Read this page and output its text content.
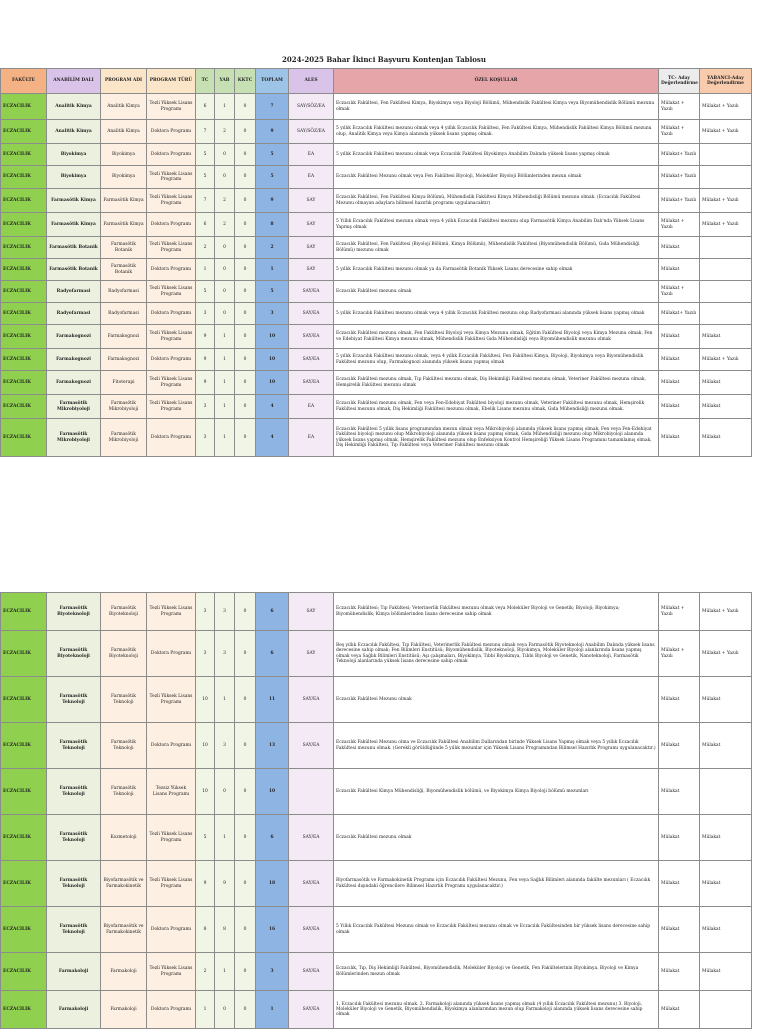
2024-2025 Bahar İkinci Başvuru Kontenjan Tablosu
FAKÜLTE	ANABİLİM DALI	PROGRAM ADI	PROGRAM TÜRÜ	TC	YAB	KKTC	TOPLAM	ALES	ÖZEL KOŞULLAR	TC- Aday Değerlendirme	YABANCI-Aday Değerlendirme
ECZACILIK	Analitik Kimya	Analitik Kimya	Tezli Yüksek Lisans Programı	6	1	0	7	SAY/SÖZ/EA	Eczacılık Fakültesi, Fen Fakültesi Kimya, Biyokimya veya Biyoloji Bölümü, Mühendislik Fakültesi Kimya veya Biyomühendislik Bölümü mezunu olmak	Mülakat + Yazılı	Mülakat + Yazılı
ECZACILIK	Analitik Kimya	Analitik Kimya	Doktora Programı	7	2	0	9	SAY/SÖZ/EA	5 yıllık Eczacılık Fakültesi mezunu olmak veya 4 yıllık Eczacılık Fakültesi, Fen Fakültesi Kimya, Mühendislik Fakültesi Kimya Bölümü mezunu olup, Analitik Kimya veya Kimya alanında yüksek lisans yapmış olmak.	Mülakat + Yazılı	Mülakat + Yazılı
ECZACILIK	Biyokimya	Biyokimya	Doktora Programı	5	0	0	5	EA	5 yıllık Eczacılık Fakültesi mezunu olmak veya Eczacılık Fakültesi Biyokimya Anabilim Dalında yüksek lisans yapmış olmak	Mülakat+ Yazılı	
ECZACILIK	Biyokimya	Biyokimya	Tezli Yüksek Lisans Programı	5	0	0	5	EA	Eczacılık Fakültesi Mezunu olmak veya Fen Fakültesi Biyoloji, Moleküler Biyoloji Bölümlerinden mezun olmak	Mülakat+ Yazılı	
ECZACILIK	Farmasötik Kimya	Farmasötik Kimya	Tezli Yüksek Lisans Programı	7	2	0	9	SAY	Eczacılık Fakültesi, Fen Fakültesi Kimya Bölümü, Mühendislik Fakültesi Kimya Mühendisliği Bölümü mezunu olmak. (Eczacılık Fakültesi Mezunu olmayan adaylara bilimsel hazırlık programı uygulanacaktır)	Mülakat+ Yazılı	Mülakat + Yazılı
ECZACILIK	Farmasötik Kimya	Farmasötik Kimya	Doktora Programı	6	2	0	8	SAY	5 Yıllık Eczacılık Fakültesi mezunu olmak veya 4 yıllık Eczacılık Fakültesi mezunu olup Farmasötik Kimya Anabilim Dalı'nda Yüksek Lisans Yapmış olmak	Mülakat + Yazılı	Mülakat + Yazılı
ECZACILIK	Farmasötik Botanik	Farmasötik Botanik	Tezli Yüksek Lisans Programı	2	0	0	2	SAY	Eczacılık Fakültesi, Fen Fakültesi (Biyoloji Bölümü, Kimya Bölümü), Mühendislik Fakültesi (Biyomühendislik Bölümü, Gıda Mühendisliği Bölümü) mezunu olmak	Mülakat	
ECZACILIK	Farmasötik Botanik	Farmasötik Botanik	Doktora Programı	1	0	0	1	SAY	5 yıllık Eczacılık Fakültesi mezunu olmak ya da Farmasötik Botanik Yüksek Lisans derecesine sahip olmak	Mülakat	
ECZACILIK	Radyofarmasi	Radyofarmasi	Tezli Yüksek Lisans Programı	5	0	0	5	SAY/EA	Eczacılık Fakültesi mezunu olmak	Mülakat + Yazılı	
ECZACILIK	Radyofarmasi	Radyofarmasi	Doktora Programı	3	0	0	3	SAY/EA	5 yıllık Eczacılık Fakültesi mezunu olmak veya 4 yıllık Eczacılık Fakültesi mezunu olup Radyofarmasi alanında yüksek lisans yapmış olmak	Mülakat+ Yazılı	
ECZACILIK	Farmakognozi	Farmakognozi	Tezli Yüksek Lisans Programı	9	1	0	10	SAY/EA	Eczacılık Fakültesi mezunu olmak, Fen Fakültesi Biyoloji veya Kimya Mezunu olmak, Eğitim Fakültesi Biyoloji veya Kimya Mezunu olmak, Fen ve Edebiyat Fakültesi Kimya mezunu olmak, Mühendislik Fakültesi Gıda Mühendisliği veya Biyomühendislik mezunu olmak	Mülakat	Mülakat
ECZACILIK	Farmakognozi	Farmakognozi	Doktora Programı	9	1	0	10	SAY/EA	5 yıllık Eczacılık Fakültesi mezunu olmak, veya 4 yıllık Eczacılık Fakültesi, Fen Fakültesi Kimya, Biyoloji, Biyokimya veya Biyomühendislik Fakültesi mezunu olup, Farmakognozi alanında yüksek lisans yapmış olmak	Mülakat	Mülakat + Yazılı
ECZACILIK	Farmakognozi	Fitoterapi	Tezli Yüksek Lisans Programı	9	1	0	10	SAY/EA	Eczacılık Fakültesi mezunu olmak, Tıp Fakültesi mezunu olmak, Diş Hekimliği Fakültesi mezunu olmak, Veteriner Fakültesi mezunu olmak, Hemşirelik Fakültesi mezunu olmak	Mülakat	Mülakat
ECZACILIK	Farmasötik Mikrobiyoloji	Farmasötik Mikrobiyoloji	Tezli Yüksek Lisans Programı	3	1	0	4	EA	Eczacılık Fakültesi mezunu olmak, Fen veya Fen-Edebiyat Fakültesi biyoloji mezunu olmak, Veteriner Fakültesi mezunu olmak, Hemşirelik Fakültesi mezunu olmak, Diş Hekimliği Fakültesi mezunu olmak, Ebelik Lisans mezunu olmak, Gıda Mühendisliği mezunu olmak.	Mülakat	Mülakat
ECZACILIK	Farmasötik Mikrobiyoloji	Farmasötik Mikrobiyoloji	Doktora Programı	3	1	0	4	EA	Eczacılık Fakültesi 5 yıllık lisans programından mezun olmak veya Mikrobiyoloji alanında yüksek lisans yapmış olmak, Fen veya Fen-Edebiyat Fakültesi biyoloji mezunu olup Mikrobiyoloji alanında yüksek lisans yapmış olmak, Gıda Mühendisliği mezunu olup Mikrobiyoloji alanında yüksek lisans yapmış olmak, Hemşirelik Fakültesi mezunu olup Enfeksiyon Kontrol Hemşireliği Yüksek Lisans Programını tamamlamış olmak, Diş Hekimliği Fakültesi, Tıp Fakültesi veya Veteriner Fakültesi mezunu olmak	Mülakat	Mülakat
ECZACILIK	Farmasötik Biyoteknoloji	Farmasötik Biyoteknoloji	Tezli Yüksek Lisans Programı	3	3	0	6	SAY	Eczacılık Fakültesi; Tıp Fakültesi; Veterinerlik Fakültesi mezunu olmak veya Moleküler Biyoloji ve Genetik; Biyoloji; Biyokimya; Biyomühendislik; Kimya bölümlerinden lisans derecesine sahip olmak	Mülakat + Yazılı	Mülakat + Yazılı
ECZACILIK	Farmasötik Biyoteknoloji	Farmasötik Biyoteknoloji	Doktora Programı	3	3	0	6	SAY	Beş yıllık Eczacılık Fakültesi, Tıp Fakültesi, Veterinerlik Fakültesi mezunu olmak veya Farmasötik Biyoteknoloji Anabilim Dalında yüksek lisans derecesine sahip olmak; Fen Bilimleri Enstitüsü; Biyomühendislik, Biyoteknoloji, Biyokimya, Moleküler Biyoloji alanlarında lisans yapmış olmak veya Sağlık Bilimleri Enstitüsü; Aşı çalışmaları, Biyokimya, Tıbbi Biyokimya, Tıbbi Biyoloji ve Genetik, Nanoteknoloji, Farmasötik Teknoloji alanlarında yüksek lisans derecesine sahip olmak	Mülakat + Yazılı	Mülakat + Yazılı
ECZACILIK	Farmasötik Teknoloji	Farmasötik Teknoloji	Tezli Yüksek Lisans Programı	10	1	0	11	SAY/EA	Eczacılık Fakültesi Mezunu olmak	Mülakat	Mülakat
ECZACILIK	Farmasötik Teknoloji	Farmasötik Teknoloji	Doktora Programı	10	3	0	13	SAY/EA	Eczacılık Fakültesi Mezunu olma ve Eczacılık Fakültesi Anabilim Dallarından birinde Yüksek Lisans Yapmış olmak veya 5 yıllık Eczacılık Fakültesi mezunu olmak. (Gerekli görüldüğünde 5 yıllık mezunlar için Yüksek Lisans Programından Bilimsel Hazırlık Programı uygulanacaktır.)	Mülakat	Mülakat
ECZACILIK	Farmasötik Teknoloji	Farmasötik Teknoloji	Tezsiz Yüksek Lisans Programı	10	0	0	10		Eczacılık Fakültesi Kimya Mühendisliği, Biyomühendislik bölümü, ve Biyokimya Kimya Biyoloji bölümü mezunları	Mülakat	
ECZACILIK	Farmasötik Teknoloji	Kozmetoloji	Tezli Yüksek Lisans Programı	5	1	0	6	SAY/EA	Eczacılık Fakültesi mezunu olmak	Mülakat	Mülakat
ECZACILIK	Farmasötik Teknoloji	Biyofarmasötik ve Farmakokinetik	Tezli Yüksek Lisans Programı	9	9	0	18	SAY/EA	Biyofarmasötik ve Farmakokinetik Programı için Eczacılık Fakültesi Mezunu, Fen veya Sağlık Bilimleri alanında fakülte mezunları ( Eczacılık Fakültesi dışındaki öğrencilere Bilimsel Hazırlık Programı uygulanacaktır.)	Mülakat	Mülakat
ECZACILIK	Farmasötik Teknoloji	Biyofarmasötik ve Farmakokinetik	Doktora Programı	8	8	0	16	SAY/EA	5 Yıllık Eczacılık Fakültesi Mezunu olmak ve Eczacılık Fakültesi mezunu olmak ve Eczacılık Fakültesinden bir yüksek lisans derecesine sahip olmak	Mülakat	Mülakat
ECZACILIK	Farmakoloji	Farmakoloji	Tezli Yüksek Lisans Programı	2	1	0	3	SAY/EA	Eczacılık, Tıp, Diş Hekimliği Fakültesi, Biyomühendislik, Moleküler Biyoloji ve Genetik, Fen Fakültelerinin Biyokimya, Biyoloji ve Kimya Bölümlerinden mezun olmak	Mülakat	Mülakat
ECZACILIK	Farmakoloji	Farmakoloji	Doktora Programı	1	0	0	1	SAY/EA	1. Eczacılık Fakültesi mezunu olmak. 2. Farmakoloji alanında yüksek lisans yapmış olmak (4 yıllık Eczacılık Fakültesi mezunu) 3. Biyoloji, Moleküler Biyoloji ve Genetik, Biyomühendislik, Biyokimya alanlarından mezun olup Farmakoloji alanında yüksek lisans derecesine sahip olmak	Mülakat	
